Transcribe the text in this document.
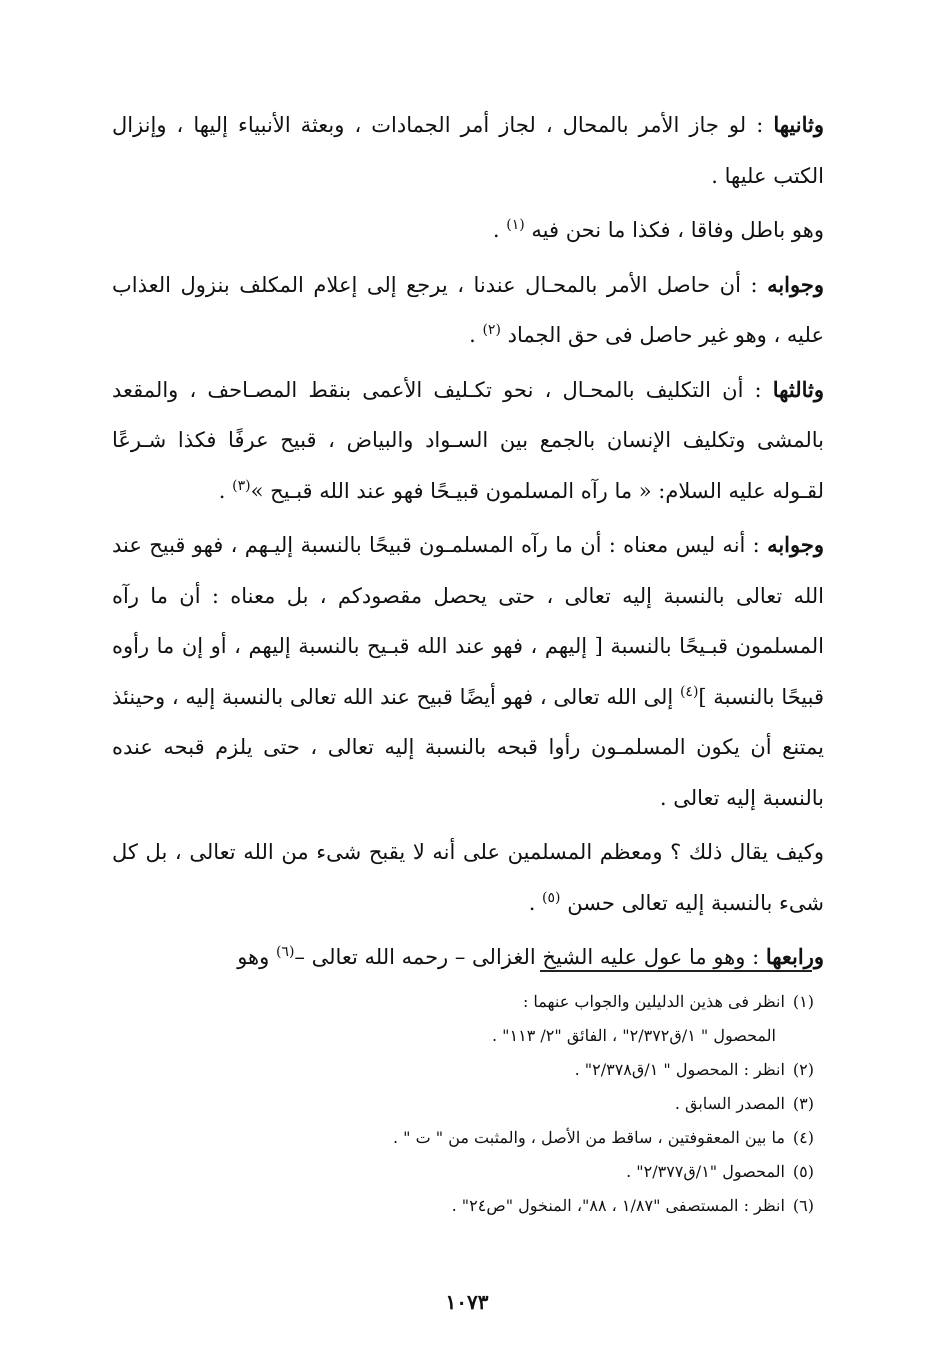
وثانيها : لو جاز الأمر بالمحال ، لجاز أمر الجمادات ، وبعثة الأنبياء إليها ، وإنزال الكتب عليها .

وهو باطل وفاقا ، فكذا ما نحن فيه $^{(١)}$ .

وجوابه : أن حاصل الأمر بالمحـال عندنا ، يرجع إلى إعلام المكلف بنزول العذاب عليه ، وهو غير حاصل فى حق الجماد $^{(٢)}$ .

وثالثها : أن التكليف بالمحـال ، نحو تكـليف الأعمى بنقط المصـاحف ، والمقعد بالمشى وتكليف الإنسان بالجمع بين السـواد والبياض ، قبيح عرفًا فكذا شـرعًا لقـوله عليه السلام: « ما رآه المسلمون قبيـحًا فهو عند الله قبـيح »$^{(٣)}$ .

وجوابه : أنه ليس معناه : أن ما رآه المسلمـون قبيحًا بالنسبة إليـهم ، فهو قبيح عند الله تعالى بالنسبة إليه تعالى ، حتى يحصل مقصودكم ، بل معناه : أن ما رآه المسلمون قبـيحًا بالنسبة [ إليهم ، فهو عند الله قبـيح بالنسبة إليهم ، أو إن ما رأوه قبيحًا بالنسبة ]$^{(٤)}$ إلى الله تعالى ، فهو أيضًا قبيح عند الله تعالى بالنسبة إليه ، وحينئذ يمتنع أن يكون المسلمـون رأوا قبحه بالنسبة إليه تعالى ، حتى يلزم قبحه عنده بالنسبة إليه تعالى .

وكيف يقال ذلك ؟ ومعظم المسلمين على أنه لا يقبح شىء من الله تعالى ، بل كل شىء بالنسبة إليه تعالى حسن $^{(٥)}$ .

ورابعها : وهو ما عول عليه الشيخ الغزالى – رحمه الله تعالى –$^{(٦)}$ وهو

(١)
انظر فى هذين الدليلين والجواب عنهما :

المحصول " ١/ق٢/٣٧٢" ، الفائق "٢/ ١١٣" .

(٢)
انظر : المحصول " ١/ق٢/٣٧٨" .

(٣)
المصدر السابق .

(٤)
ما بين المعقوفتين ، ساقط من الأصل ، والمثبت من " ت " .

(٥)
المحصول "١/ق٢/٣٧٧" .

(٦)
انظر : المستصفى "١/٨٧ ، ٨٨"، المنخول "ص٢٤" .

١٠٧٣
